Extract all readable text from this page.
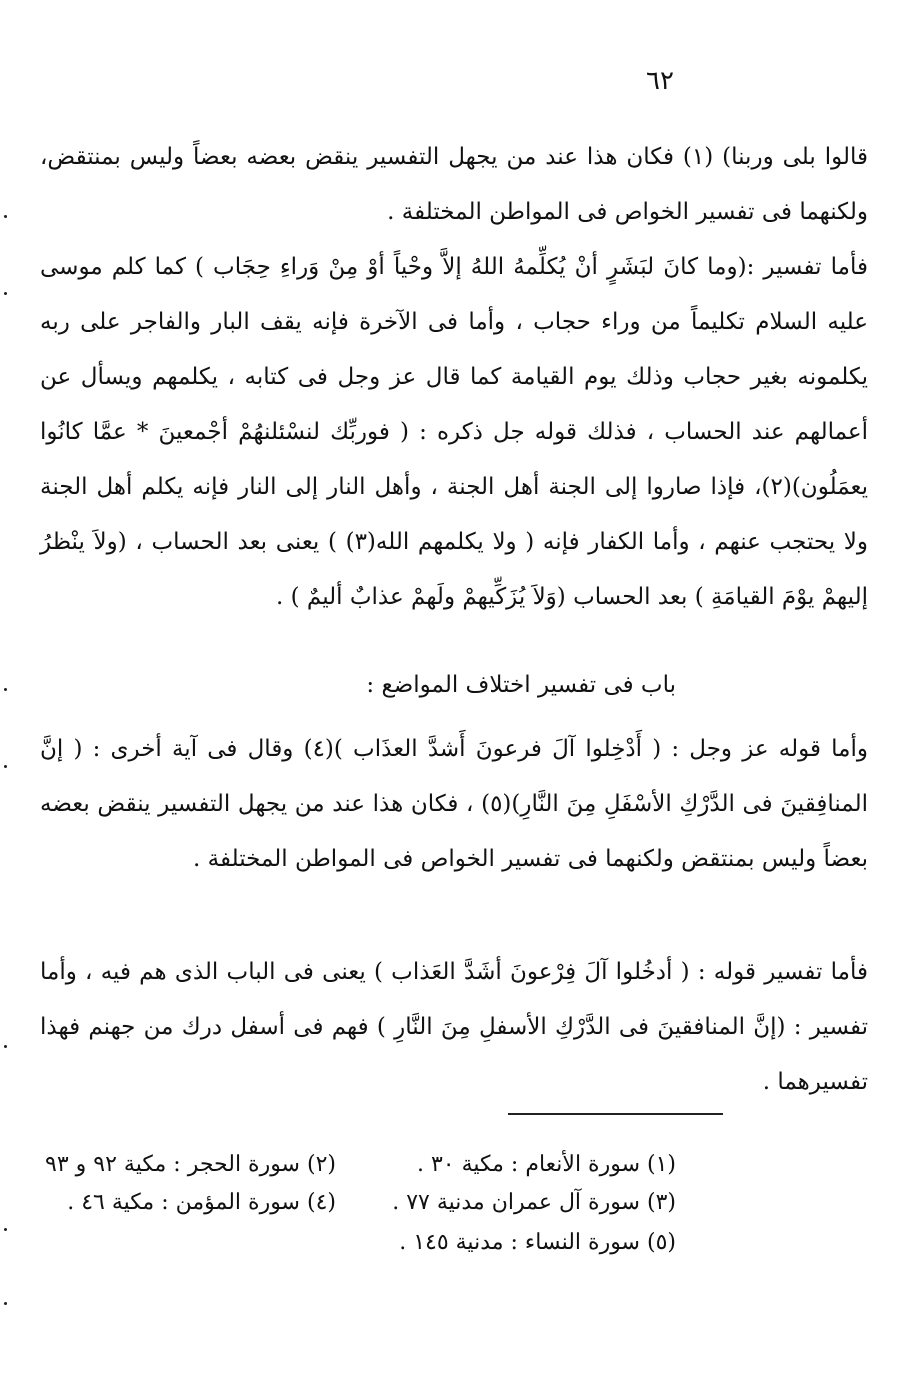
٦٢

قالوا بلى وربنا) (١) فكان هذا عند من يجهل التفسير ينقض بعضه بعضاً وليس بمنتقض، ولكنهما فى تفسير الخواص فى المواطن المختلفة .

فأما تفسير :(وما كانَ لبَشَرٍ أنْ يُكلِّمهُ اللهُ إلاَّ وحْياً أوْ مِنْ وَراءِ حِجَاب ) كما كلم موسى عليه السلام تكليماً من وراء حجاب ، وأما فى الآخرة فإنه يقف البار والفاجر على ربه يكلمونه بغير حجاب وذلك يوم القيامة كما قال عز وجل فى كتابه ، يكلمهم ويسأل عن أعمالهم عند الحساب ، فذلك قوله جل ذكره : ( فوربِّك لنسْئلنهُمْ أجْمعينَ * عمَّا كانُوا يعمَلُون)(٢)، فإذا صاروا إلى الجنة أهل الجنة ، وأهل النار إلى النار فإنه يكلم أهل الجنة ولا يحتجب عنهم ، وأما الكفار فإنه ( ولا يكلمهم الله(٣) ) يعنى بعد الحساب ، (ولاَ ينْظرُ إليهمْ يوْمَ القيامَةِ ) بعد الحساب (وَلاَ يُزَكِّيهمْ ولَهمْ عذابٌ أليمٌ ) .

باب فى تفسير اختلاف المواضع :

وأما قوله عز وجل : ( أَدْخِلوا آلَ فرعونَ أَشدَّ العذَاب )(٤) وقال فى آية أخرى : ( إنَّ المنافِقينَ فى الدَّرْكِ الأسْفَلِ مِنَ النَّارِ)(٥) ، فكان هذا عند من يجهل التفسير ينقض بعضه بعضاً وليس بمنتقض ولكنهما فى تفسير الخواص فى المواطن المختلفة .

فأما تفسير قوله : ( أدخُلوا آلَ فِرْعونَ أشَدَّ العَذاب ) يعنى فى الباب الذى هم فيه ، وأما تفسير : (إنَّ المنافقينَ فى الدَّرْكِ الأسفلِ مِنَ النَّارِ ) فهم فى أسفل درك من جهنم فهذا تفسيرهما .

(١) سورة الأنعام : مكية ٣٠ .

(٢) سورة الحجر : مكية ٩٢ و ٩٣

(٣) سورة آل عمران مدنية ٧٧ .

(٤) سورة المؤمن : مكية ٤٦ .

(٥) سورة النساء : مدنية ١٤٥ .
